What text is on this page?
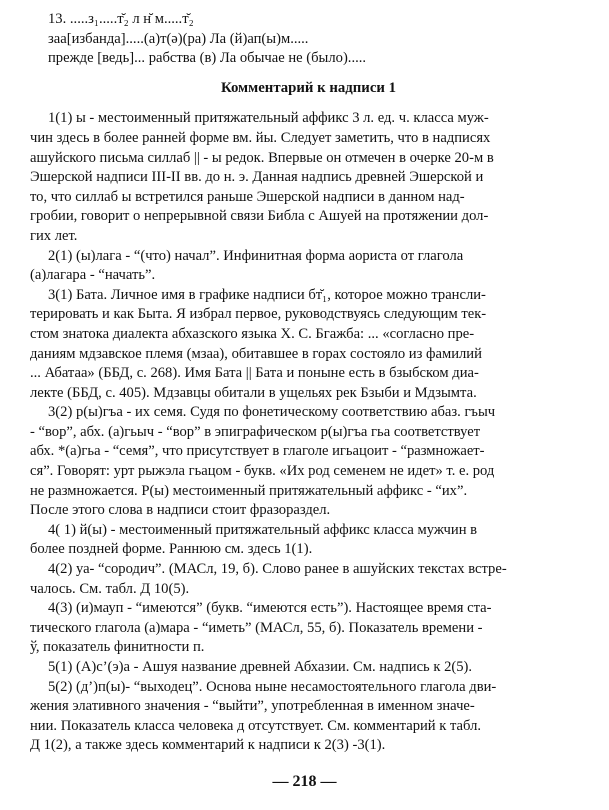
13. .....з₁.....т̆₂ л н̆ м.....т̆₂
заа[избанда].....(а)т(ə)(ра) Ла (й)ап(ы)м.....
прежде [ведь]... рабства (в) Ла обычае не (было).....
Комментарий к надписи 1
1(1) ы - местоименный притяжательный аффикс 3 л. ед. ч. класса муж-
чин здесь в более ранней форме вм. йы. Следует заметить, что в надписях
ашуйского письма силлаб || - ы редок. Впервые он отмечен в очерке 20-м в
Эшерской надписи III-II вв. до н. э. Данная надпись древней Эшерской и
то, что силлаб ы встретился раньше Эшерской надписи в данном над-
гробии, говорит о непрерывной связи Библа с Ашуей на протяжении дол-
гих лет.
2(1) (ы)лага - “(что) начал”. Инфинитная форма аориста от глагола
(а)лагара - “начать”.
3(1) Бата. Личное имя в графике надписи бт̆₁, которое можно трансли-
терировать и как Быта. Я избрал первое, руководствуясь следующим тек-
стом знатока диалекта абхазского языка Х. С. Бгажба: ... «согласно пре-
даниям мдзавское племя (мзаа), обитавшее в горах состояло из фамилий
... Абатаа» (ББД, с. 268). Имя Бата || Бата и поныне есть в бзыбском диа-
лекте (ББД, с. 405). Мдзавцы обитали в ущельях рек Бзыби и Мдзымта.
3(2) р(ы)гъа - их семя. Судя по фонетическому соответствию абаз. гъыч
- “вор”, абх. (а)гьыч - “вор” в эпиграфическом р(ы)гъа гьа соответствует
абх. *(а)гьа - “семя”, что присутствует в глаголе игьацоит - “размножает-
ся”. Говорят: урт рыжэла гьацом - букв. «Их род семенем не идет» т. е. род
не размножается. Р(ы) местоименный притяжательный аффикс - “их”.
После этого слова в надписи стоит фразораздел.
4( 1) й(ы) - местоименный притяжательный аффикс класса мужчин в
более поздней форме. Раннюю см. здесь 1(1).
4(2) уа- “сородич”. (МАСл, 19, б). Слово ранее в ашуйских текстах встре-
чалось. См. табл. Д 10(5).
4(3) (и)мауп - “имеются” (букв. “имеются есть”). Настоящее время ста-
тического глагола (а)мара - “иметь” (МАСл, 55, б). Показатель времени -
ў, показатель финитности п.
5(1) (А)с’(э)а - Ашуя название древней Абхазии. См. надпись к 2(5).
5(2) (д’)п(ы)- “выходец”. Основа ныне несамостоятельного глагола дви-
жения элативного значения - “выйти”, употребленная в именном значе-
нии. Показатель класса человека д отсутствует. См. комментарий к табл.
Д 1(2), а также здесь комментарий к надписи к 2(3) -3(1).
— 218 —
